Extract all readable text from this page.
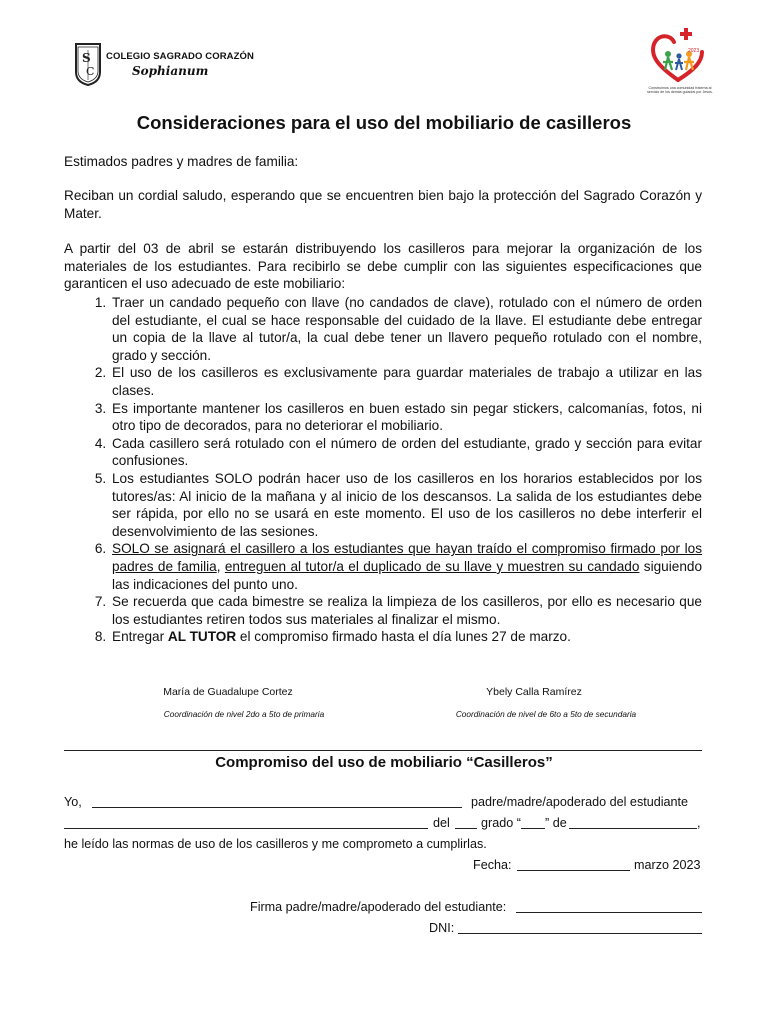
S
C
COLEGIO SAGRADO CORAZÓN
Sophianum
2023
Construimos una comunidad fraterna al servicio de los demás guiados por Jesús.
Consideraciones para el uso del mobiliario de casilleros
Estimados padres y madres de familia:
Reciban un cordial saludo, esperando que se encuentren bien bajo la protección del Sagrado Corazón y Mater.
A partir del 03 de abril se estarán distribuyendo los casilleros para mejorar la organización de los materiales de los estudiantes. Para recibirlo se debe cumplir con las siguientes especificaciones que garanticen el uso adecuado de este mobiliario:
1. Traer un candado pequeño con llave (no candados de clave), rotulado con el número de orden del estudiante, el cual se hace responsable del cuidado de la llave. El estudiante debe entregar un copia de la llave al tutor/a, la cual debe tener un llavero pequeño rotulado con el nombre, grado y sección.
2. El uso de los casilleros es exclusivamente para guardar materiales de trabajo a utilizar en las clases.
3. Es importante mantener los casilleros en buen estado sin pegar stickers, calcomanías, fotos, ni otro tipo de decorados, para no deteriorar el mobiliario.
4. Cada casillero será rotulado con el número de orden del estudiante, grado y sección para evitar confusiones.
5. Los estudiantes SOLO podrán hacer uso de los casilleros en los horarios establecidos por los tutores/as: Al inicio de la mañana y al inicio de los descansos. La salida de los estudiantes debe ser rápida, por ello no se usará en este momento. El uso de los casilleros no debe interferir el desenvolvimiento de las sesiones.
6. SOLO se asignará el casillero a los estudiantes que hayan traído el compromiso firmado por los padres de familia, entreguen al tutor/a el duplicado de su llave y muestren su candado siguiendo las indicaciones del punto uno.
7. Se recuerda que cada bimestre se realiza la limpieza de los casilleros, por ello es necesario que los estudiantes retiren todos sus materiales al finalizar el mismo.
8. Entregar AL TUTOR el compromiso firmado hasta el día lunes 27 de marzo.
María de Guadalupe Cortez
Coordinación de nivel 2do a 5to de primaria
Ybely Calla Ramírez
Coordinación de nivel de 6to a 5to de secundaria
Compromiso del uso de mobiliario “Casilleros”
Yo,	padre/madre/apoderado del estudiante
del grado “ ” de	,
he leído las normas de uso de los casilleros y me comprometo a cumplirlas.
Fecha:	marzo 2023
Firma padre/madre/apoderado del estudiante:
DNI:
